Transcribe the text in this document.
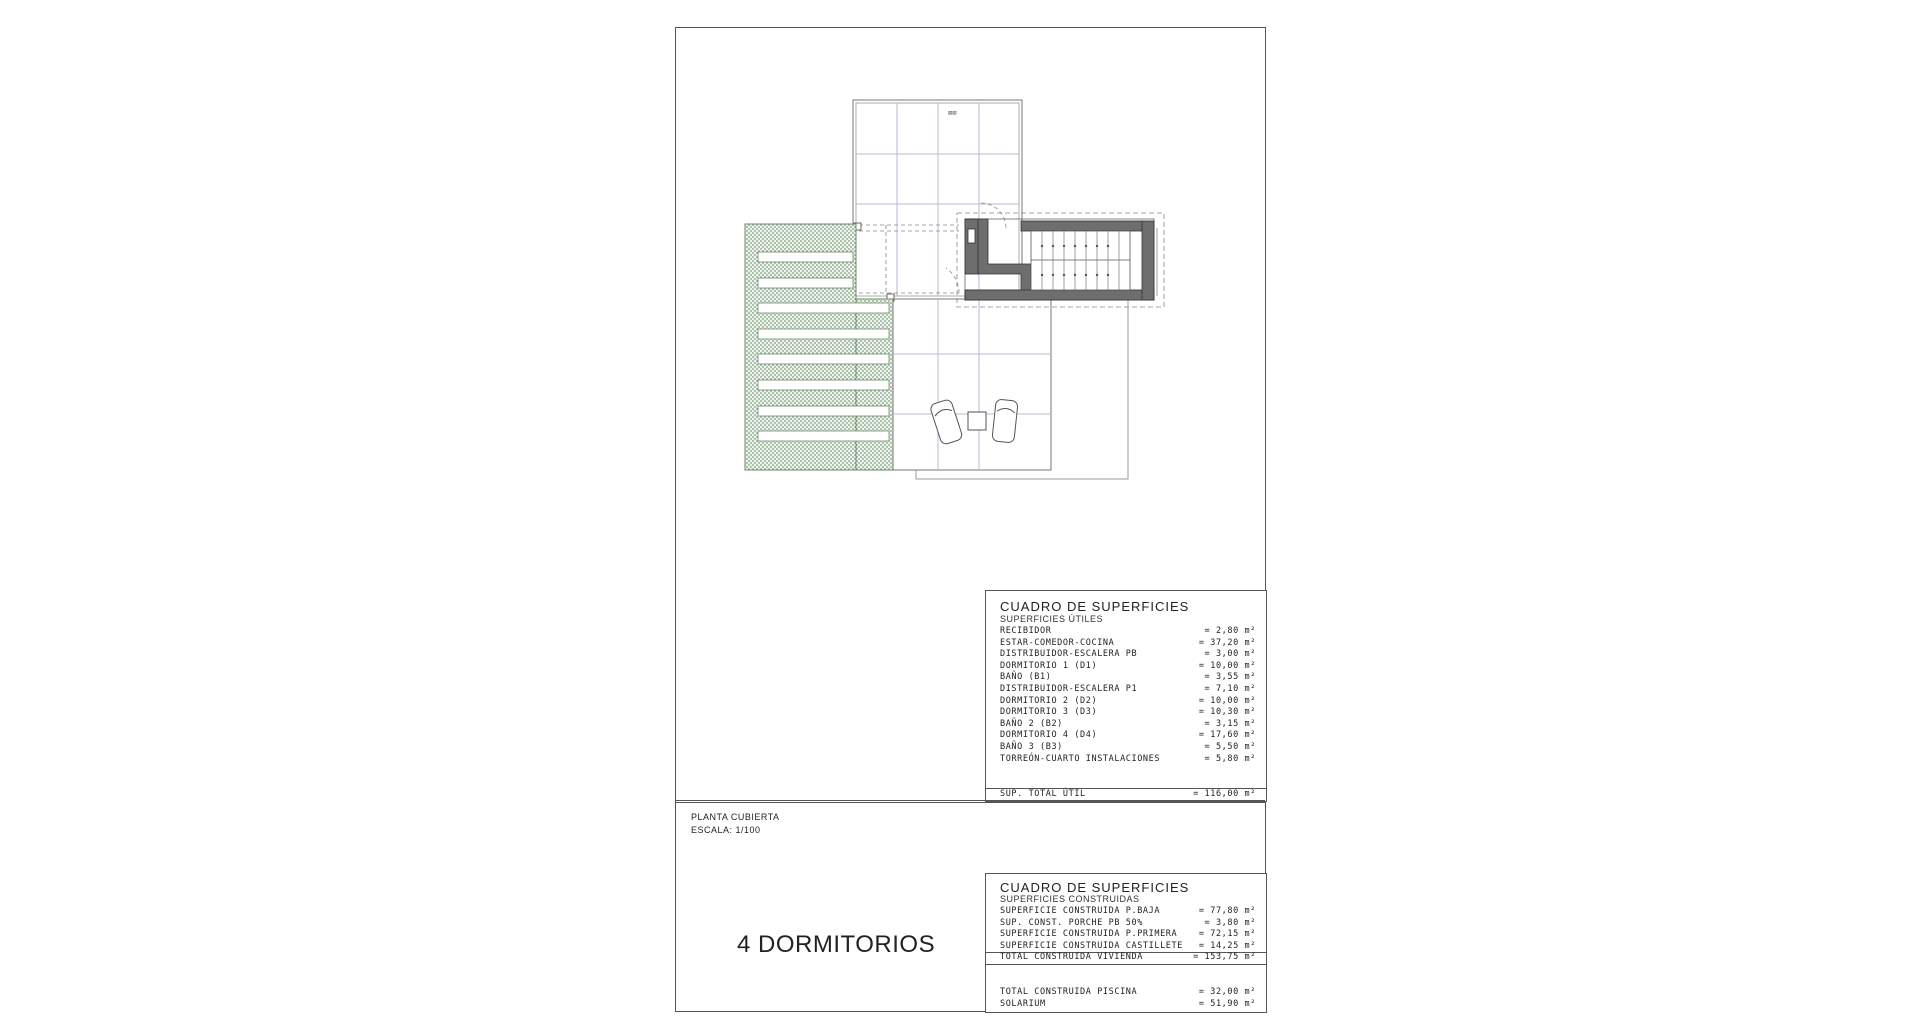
⊠⊠
CUADRO DE SUPERFICIES
SUPERFICIES ÚTILES
RECIBIDOR	= 2,80 m²
ESTAR-COMEDOR-COCINA	= 37,20 m²
DISTRIBUIDOR-ESCALERA PB	= 3,00 m²
DORMITORIO 1 (D1)	= 10,00 m²
BAÑO (B1)	= 3,55 m²
DISTRIBUIDOR-ESCALERA P1	= 7,10 m²
DORMITORIO 2 (D2)	= 10,00 m²
DORMITORIO 3 (D3)	= 10,30 m²
BAÑO 2 (B2)	= 3,15 m²
DORMITORIO 4 (D4)	= 17,60 m²
BAÑO 3 (B3)	= 5,50 m²
TORREÓN-CUARTO INSTALACIONES	= 5,80 m²
SUP. TOTAL ÚTIL	= 116,00 m²
PLANTA CUBIERTA
ESCALA: 1/100
4 DORMITORIOS
CUADRO DE SUPERFICIES
SUPERFICIES CONSTRUIDAS
SUPERFICIE CONSTRUIDA P.BAJA	= 77,80 m²
SUP. CONST. PORCHE PB 50%	= 3,80 m²
SUPERFICIE CONSTRUIDA P.PRIMERA	= 72,15 m²
SUPERFICIE CONSTRUIDA CASTILLETE = 14,25 m²
TOTAL CONSTRUIDA VIVIENDA	= 153,75 m²
TOTAL CONSTRUIDA PISCINA	= 32,00 m²
SOLARIUM	= 51,90 m²
